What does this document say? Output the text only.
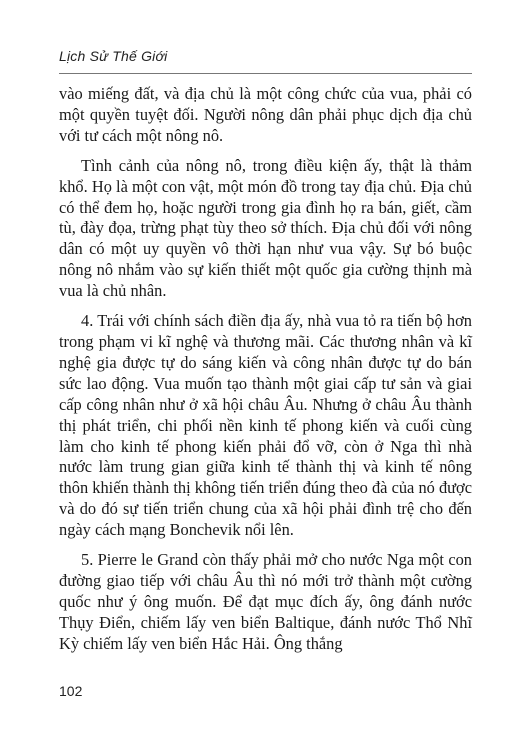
Lịch Sử Thế Giới

vào miếng đất, và địa chủ là một công chức của vua, phải có một quyền tuyệt đối. Người nông dân phải phục dịch địa chủ với tư cách một nông nô.

Tình cảnh của nông nô, trong điều kiện ấy, thật là thảm khổ. Họ là một con vật, một món đồ trong tay địa chủ. Địa chủ có thể đem họ, hoặc người trong gia đình họ ra bán, giết, cầm tù, đày đọa, trừng phạt tùy theo sở thích. Địa chủ đối với nông dân có một uy quyền vô thời hạn như vua vậy. Sự bó buộc nông nô nhắm vào sự kiến thiết một quốc gia cường thịnh mà vua là chủ nhân.

4. Trái với chính sách điền địa ấy, nhà vua tỏ ra tiến bộ hơn trong phạm vi kĩ nghệ và thương mãi. Các thương nhân và kĩ nghệ gia được tự do sáng kiến và công nhân được tự do bán sức lao động. Vua muốn tạo thành một giai cấp tư sản và giai cấp công nhân như ở xã hội châu Âu. Nhưng ở châu Âu thành thị phát triển, chi phối nền kinh tế phong kiến và cuối cùng làm cho kinh tế phong kiến phải đổ vỡ, còn ở Nga thì nhà nước làm trung gian giữa kinh tế thành thị và kinh tế nông thôn khiến thành thị không tiến triển đúng theo đà của nó được và do đó sự tiến triển chung của xã hội phải đình trệ cho đến ngày cách mạng Bonchevik nổi lên.

5. Pierre le Grand còn thấy phải mở cho nước Nga một con đường giao tiếp với châu Âu thì nó mới trở thành một cường quốc như ý ông muốn. Để đạt mục đích ấy, ông đánh nước Thụy Điển, chiếm lấy ven biển Baltique, đánh nước Thổ Nhĩ Kỳ chiếm lấy ven biển Hắc Hải. Ông thắng

102
